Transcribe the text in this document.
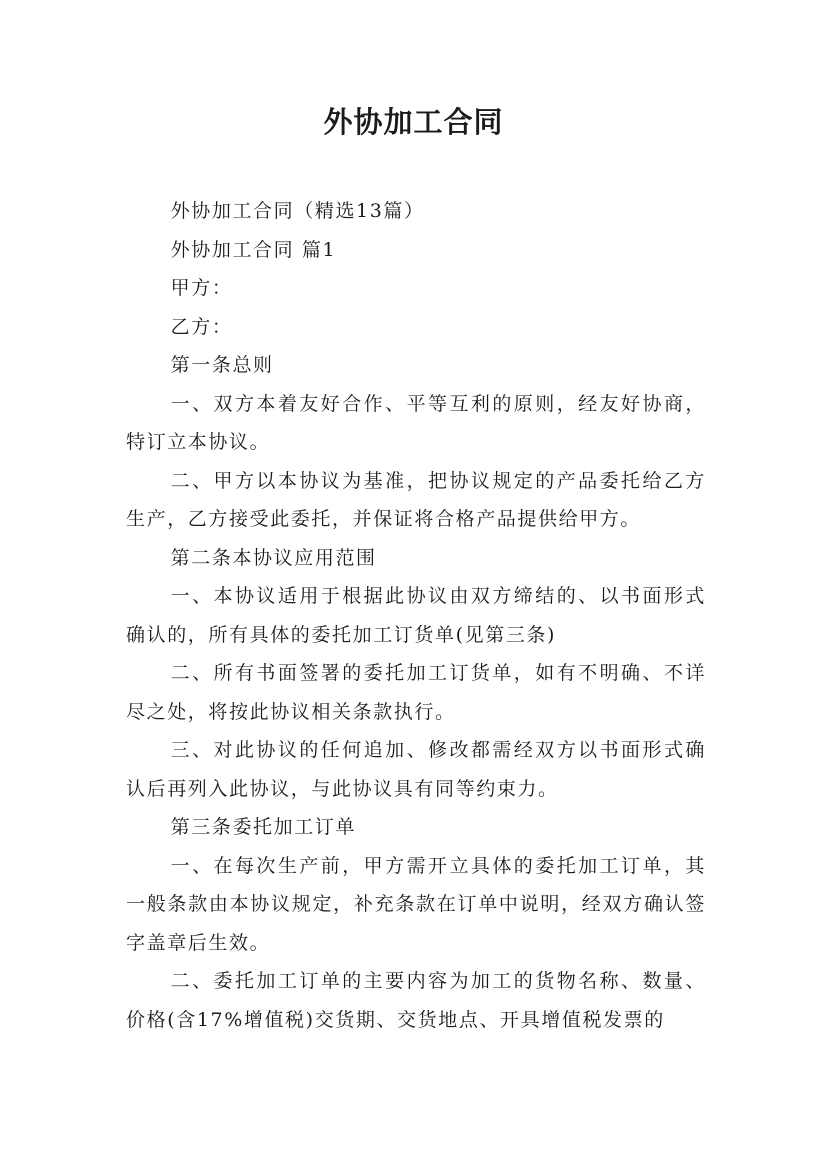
外协加工合同

外协加工合同（精选13篇）

外协加工合同 篇1

甲方：

乙方：

第一条总则

一、双方本着友好合作、平等互利的原则，经友好协商，特订立本协议。

二、甲方以本协议为基准，把协议规定的产品委托给乙方生产，乙方接受此委托，并保证将合格产品提供给甲方。

第二条本协议应用范围

一、本协议适用于根据此协议由双方缔结的、以书面形式确认的，所有具体的委托加工订货单(见第三条)

二、所有书面签署的委托加工订货单，如有不明确、不详尽之处，将按此协议相关条款执行。

三、对此协议的任何追加、修改都需经双方以书面形式确认后再列入此协议，与此协议具有同等约束力。

第三条委托加工订单

一、在每次生产前，甲方需开立具体的委托加工订单，其一般条款由本协议规定，补充条款在订单中说明，经双方确认签字盖章后生效。

二、委托加工订单的主要内容为加工的货物名称、数量、价格(含17%增值税)交货期、交货地点、开具增值税发票的
